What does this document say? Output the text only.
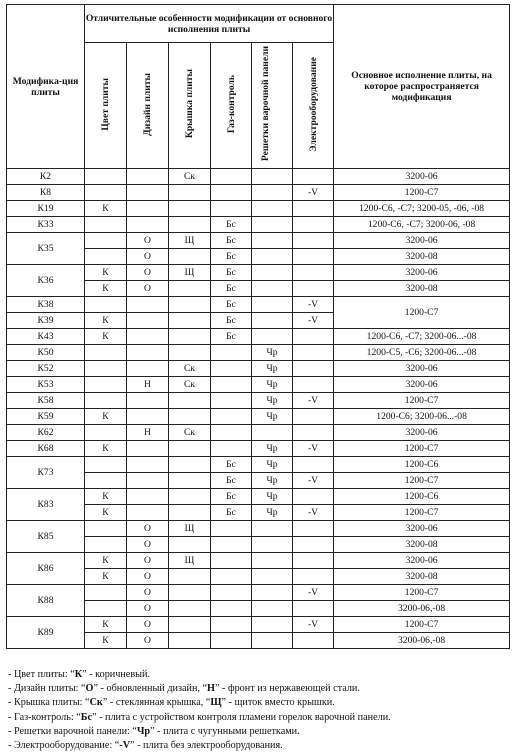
Модифика-ция плиты	Отличительные особенности модификации от основного исполнения плиты						Основное исполнение плиты, на которое распространяется модификация
	Цвет плиты	Дизайн плиты	Крышка плиты	Газ-контроль	Решетки варочной панели	Электрооборудование	
К2			Ск				3200-06
К8						-V	1200-С7
К19	К						1200-С6, -С7; 3200-05, -06, -08
К33				Бс			1200-С6, -С7; 3200-06, -08
К35		О	Щ	Бс			3200-06
		О		Бс			3200-08
К36	К	О	Щ	Бс			3200-06
	К	О		Бс			3200-08
К38				Бс		-V	1200-С7
К39	К			Бс		-V	
К43	К			Бс			1200-С6, -С7; 3200-06...-08
К50					Чр		1200-С5, -С6; 3200-06...-08
К52			Ск		Чр		3200-06
К53		Н	Ск		Чр		3200-06
К58					Чр	-V	1200-С7
К59	К				Чр		1200-С6; 3200-06...-08
К62		Н	Ск				3200-06
К68	К				Чр	-V	1200-С7
К73				Бс	Чр		1200-С6
				Бс	Чр	-V	1200-С7
К83	К			Бс	Чр		1200-С6
	К			Бс	Чр	-V	1200-С7
К85		О	Щ				3200-06
		О					3200-08
К86	К	О	Щ				3200-06
	К	О					3200-08
К88		О				-V	1200-С7
		О					3200-06,-08
К89	К	О				-V	1200-С7
	К	О					3200-06,-08
- Цвет плиты: “К” - коричневый.
- Дизайн плиты: “О” - обновленный дизайн, “Н” - фронт из нержавеющей стали.
- Крышка плиты: “Ск” - стеклянная крышка, “Щ” - щиток вместо крышки.
- Газ-контроль: “Бс” - плита с устройством контроля пламени горелок варочной панели.
- Решетки варочной панели: “Чр” - плита с чугунными решетками.
- Электрооборудование: “-V” - плита без электрооборудования.
